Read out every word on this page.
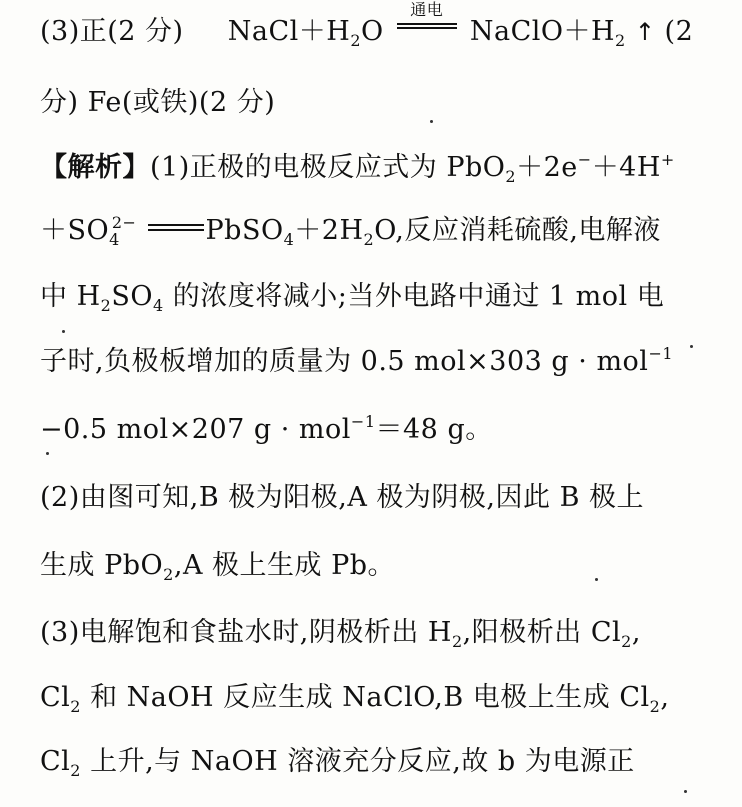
(3)正(2 分) $NaCl+H_2O$
通电
$NaClO+H_2$ ↑ (2
分) Fe(或铁)(2 分)
【解析】(1)正极的电极反应式为 PbO$_2$＋2e−＋4H+
$+SO_4^{2-}$	$PbSO_4+2H_2O$,反应消耗硫酸,电解液
中 $H_2SO_4$ 的浓度将减小;当外电路中通过 1 mol 电
子时,负极板增加的质量为 0.5 mol×303 g · mol$^{-1}$
−0.5 mol×207 g · mol$^{-1}$＝48 g。
(2)由图可知,B 极为阳极,A 极为阴极,因此 B 极上
生成 PbO$_2$,A 极上生成 Pb。
(3)电解饱和食盐水时,阴极析出 $H_2$,阳极析出 $Cl_2$,
$Cl_2$ 和 NaOH 反应生成 NaClO,B 电极上生成 $Cl_2$,
$Cl_2$ 上升,与 NaOH 溶液充分反应,故 b 为电源正
